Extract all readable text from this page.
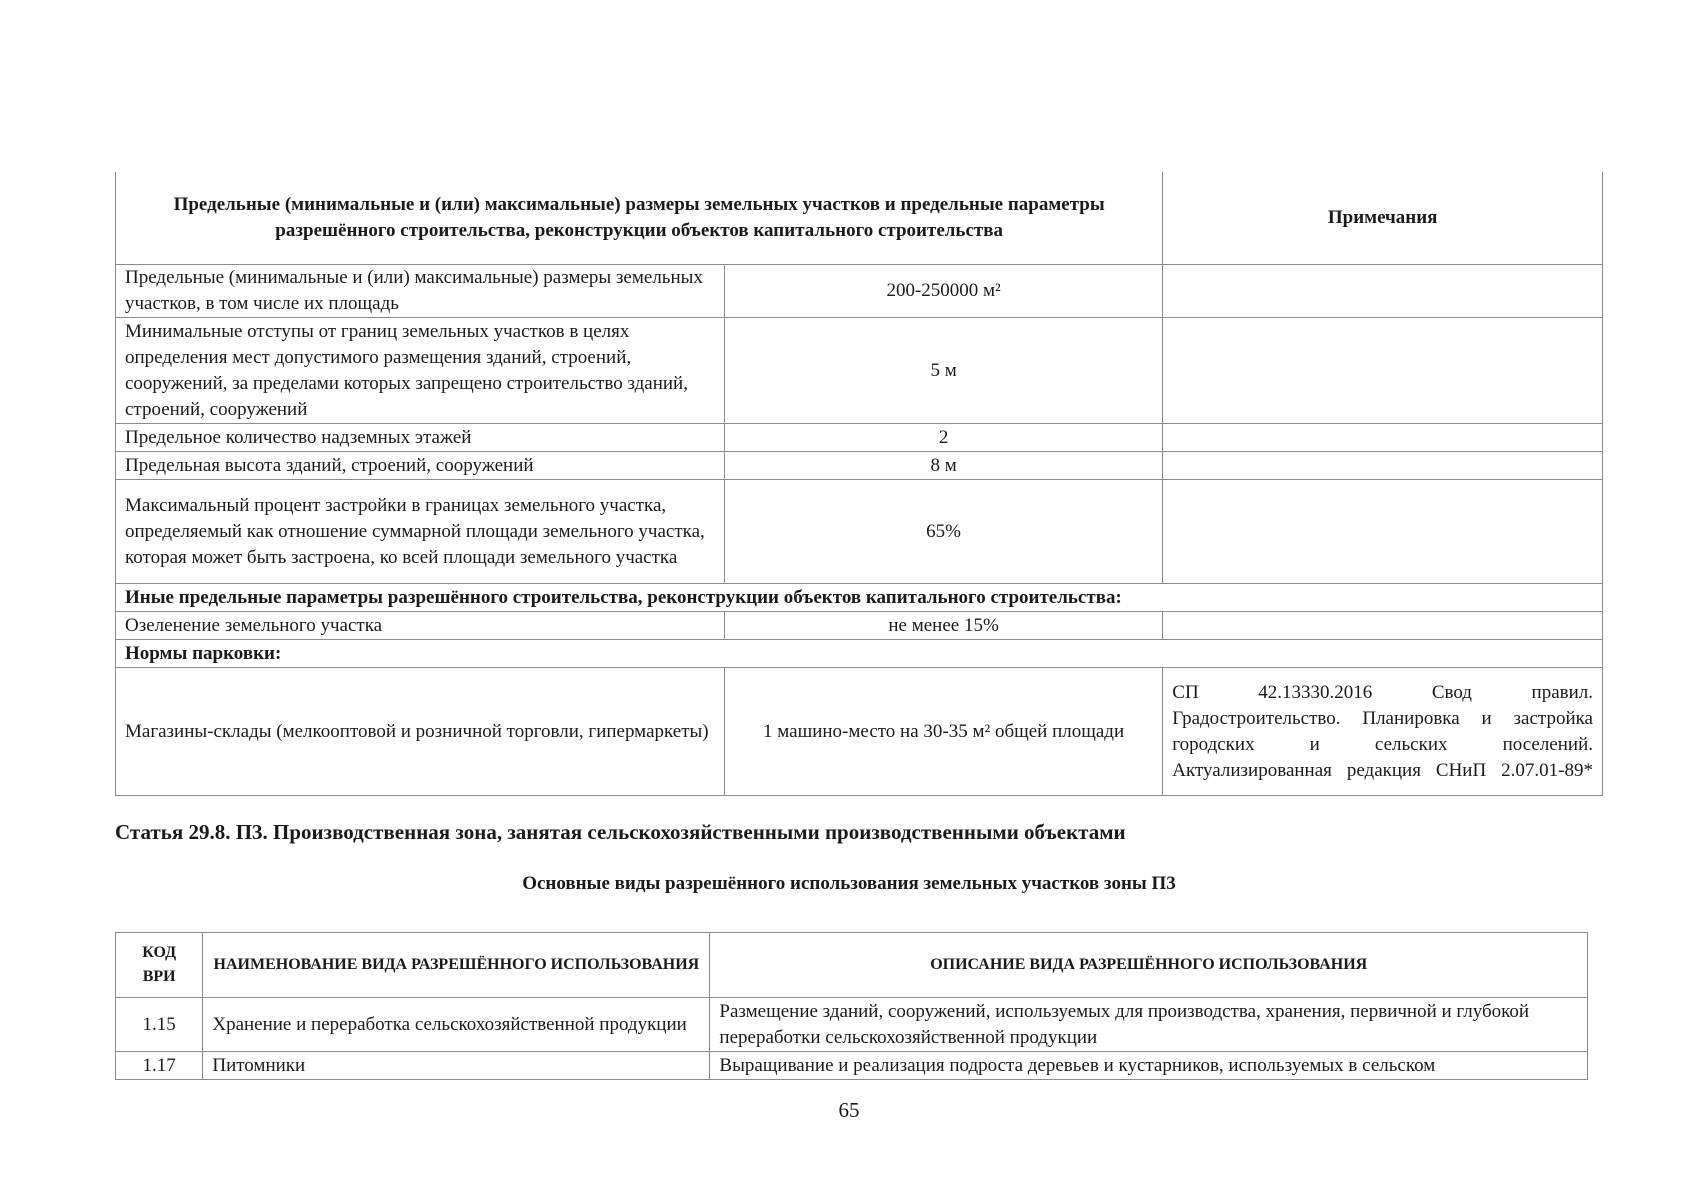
Предельные (минимальные и (или) максимальные) размеры земельных участков и предельные параметры разрешённого строительства, реконструкции объектов капитального строительства		Примечания
Предельные (минимальные и (или) максимальные) размеры земельных участков, в том числе их площадь	200-250000 м²	
Минимальные отступы от границ земельных участков в целях определения мест допустимого размещения зданий, строений, сооружений, за пределами которых запрещено строительство зданий, строений, сооружений	5 м	
Предельное количество надземных этажей	2	
Предельная высота зданий, строений, сооружений	8 м	
Максимальный процент застройки в границах земельного участка, определяемый как отношение суммарной площади земельного участка, которая может быть застроена, ко всей площади земельного участка	65%	
Иные предельные параметры разрешённого строительства, реконструкции объектов капитального строительства:		
Озеленение земельного участка	не менее 15%	
Нормы парковки:		
Магазины-склады (мелкооптовой и розничной торговли, гипермаркеты)	1 машино-место на 30-35 м² общей площади	СП 42.13330.2016 Свод правил. Градостроительство. Планировка и застройка городских и сельских поселений. Актуализированная редакция СНиП 2.07.01-89*
Статья 29.8. П3. Производственная зона, занятая сельскохозяйственными производственными объектами
Основные виды разрешённого использования земельных участков зоны П3
КОД ВРИ	НАИМЕНОВАНИЕ ВИДА РАЗРЕШЁННОГО ИСПОЛЬЗОВАНИЯ	ОПИСАНИЕ ВИДА РАЗРЕШЁННОГО ИСПОЛЬЗОВАНИЯ
1.15	Хранение и переработка сельскохозяйственной продукции	Размещение зданий, сооружений, используемых для производства, хранения, первичной и глубокой переработки сельскохозяйственной продукции
1.17	Питомники	Выращивание и реализация подроста деревьев и кустарников, используемых в сельском
65
